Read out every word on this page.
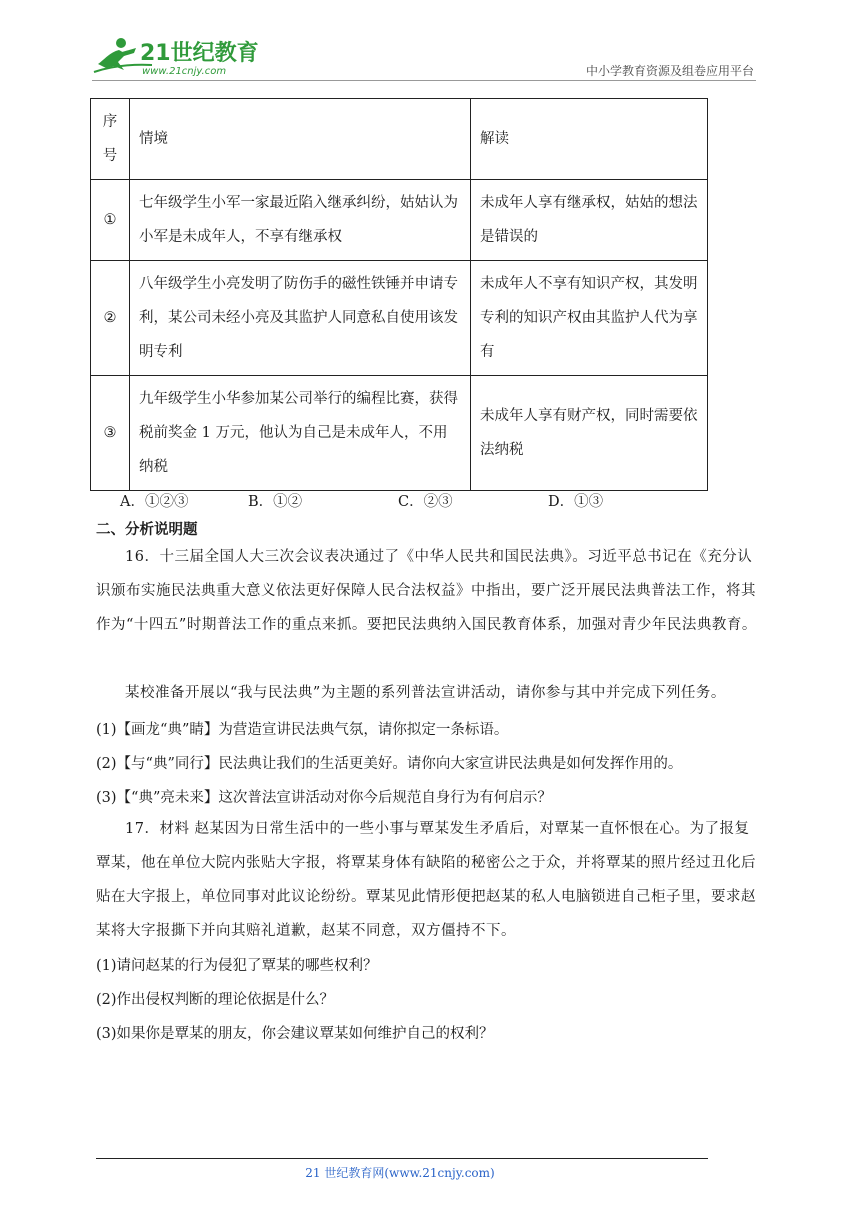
21世纪教育
www.21cnjy.com	中小学教育资源及组卷应用平台
序
号	情境	解读
①	七年级学生小军一家最近陷入继承纠纷，姑姑认为小军是未成年人，不享有继承权	未成年人享有继承权，姑姑的想法是错误的
②	八年级学生小亮发明了防伤手的磁性铁锤并申请专利，某公司未经小亮及其监护人同意私自使用该发明专利	未成年人不享有知识产权，其发明专利的知识产权由其监护人代为享有
③	九年级学生小华参加某公司举行的编程比赛，获得税前奖金 1 万元，他认为自己是未成年人，不用纳税	未成年人享有财产权，同时需要依法纳税
A．①②③	B．①②	C．②③	D．①③
二、分析说明题
16．十三届全国人大三次会议表决通过了《中华人民共和国民法典》。习近平总书记在《充分认识颁布实施民法典重大意义依法更好保障人民合法权益》中指出，要广泛开展民法典普法工作，将其作为“十四五”时期普法工作的重点来抓。要把民法典纳入国民教育体系，加强对青少年民法典教育。
某校准备开展以“我与民法典”为主题的系列普法宣讲活动，请你参与其中并完成下列任务。
(1)【画龙“典”睛】为营造宣讲民法典气氛，请你拟定一条标语。
(2)【与“典”同行】民法典让我们的生活更美好。请你向大家宣讲民法典是如何发挥作用的。
(3)【“典”亮未来】这次普法宣讲活动对你今后规范自身行为有何启示？
17．材料 赵某因为日常生活中的一些小事与覃某发生矛盾后，对覃某一直怀恨在心。为了报复覃某，他在单位大院内张贴大字报，将覃某身体有缺陷的秘密公之于众，并将覃某的照片经过丑化后贴在大字报上，单位同事对此议论纷纷。覃某见此情形便把赵某的私人电脑锁进自己柜子里，要求赵某将大字报撕下并向其赔礼道歉，赵某不同意，双方僵持不下。
(1)请问赵某的行为侵犯了覃某的哪些权利？
(2)作出侵权判断的理论依据是什么？
(3)如果你是覃某的朋友，你会建议覃某如何维护自己的权利？
21 世纪教育网(www.21cnjy.com)
